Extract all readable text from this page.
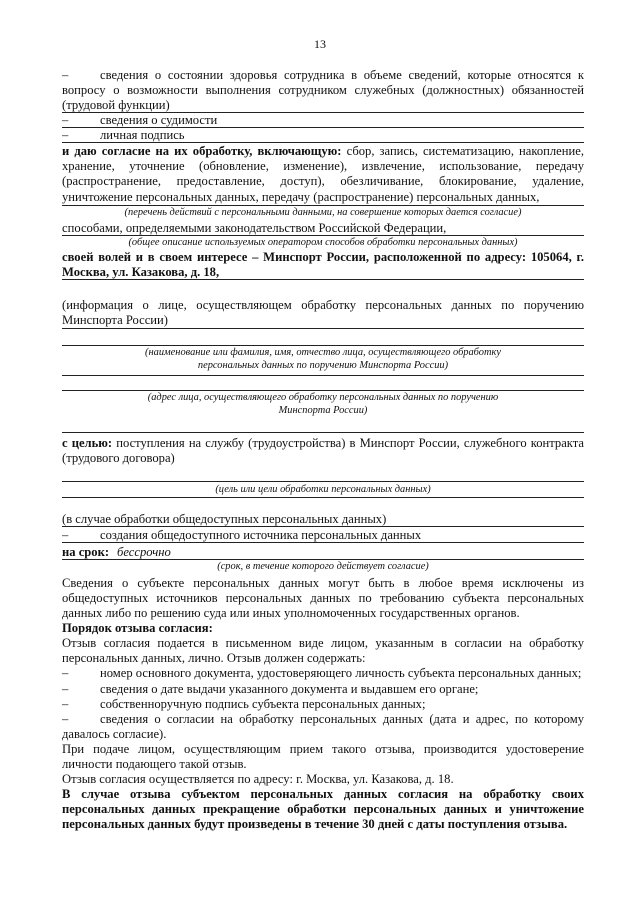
13
–	сведения о состоянии здоровья сотрудника в объеме сведений, которые относятся к
вопросу о возможности выполнения сотрудником служебных (должностных) обязанностей (трудовой функции)
–	сведения о судимости
–	личная подпись
и даю согласие на их обработку, включающую: сбор, запись, систематизацию, накопление, хранение, уточнение (обновление, изменение), извлечение, использование, передачу (распространение, предоставление, доступ), обезличивание, блокирование, удаление, уничтожение персональных данных, передачу (распространение) персональных данных,
(перечень действий с персональными данными, на совершение которых дается согласие)
способами, определяемыми законодательством Российской Федерации,
(общее описание используемых оператором способов обработки персональных данных)
своей волей и в своем интересе – Минспорт России, расположенной по адресу: 105064, г. Москва, ул. Казакова, д. 18,
(информация о лице, осуществляющем обработку персональных данных по поручению Минспорта России)
(наименование или фамилия, имя, отчество лица, осуществляющего обработку персональных данных по поручению Минспорта России)
(адрес лица, осуществляющего обработку персональных данных по поручению Минспорта России)
с целью: поступления на службу (трудоустройства) в Минспорт России, служебного контракта (трудового договора)
(цель или цели обработки персональных данных)
(в случае обработки общедоступных персональных данных)
–	создания общедоступного источника персональных данных
на срок: бессрочно
(срок, в течение которого действует согласие)
Сведения о субъекте персональных данных могут быть в любое время исключены из общедоступных источников персональных данных по требованию субъекта персональных данных либо по решению суда или иных уполномоченных государственных органов.
Порядок отзыва согласия:
Отзыв согласия подается в письменном виде лицом, указанным в согласии на обработку персональных данных, лично. Отзыв должен содержать:
–	номер основного документа, удостоверяющего личность субъекта персональных данных;
–	сведения о дате выдачи указанного документа и выдавшем его органе;
–	собственноручную подпись субъекта персональных данных;
–	сведения о согласии на обработку персональных данных (дата и адрес, по которому
давалось согласие).
При подаче лицом, осуществляющим прием такого отзыва, производится удостоверение личности подающего такой отзыв.
Отзыв согласия осуществляется по адресу: г. Москва, ул. Казакова, д. 18.
В случае отзыва субъектом персональных данных согласия на обработку своих персональных данных прекращение обработки персональных данных и уничтожение персональных данных будут произведены в течение 30 дней с даты поступления отзыва.
